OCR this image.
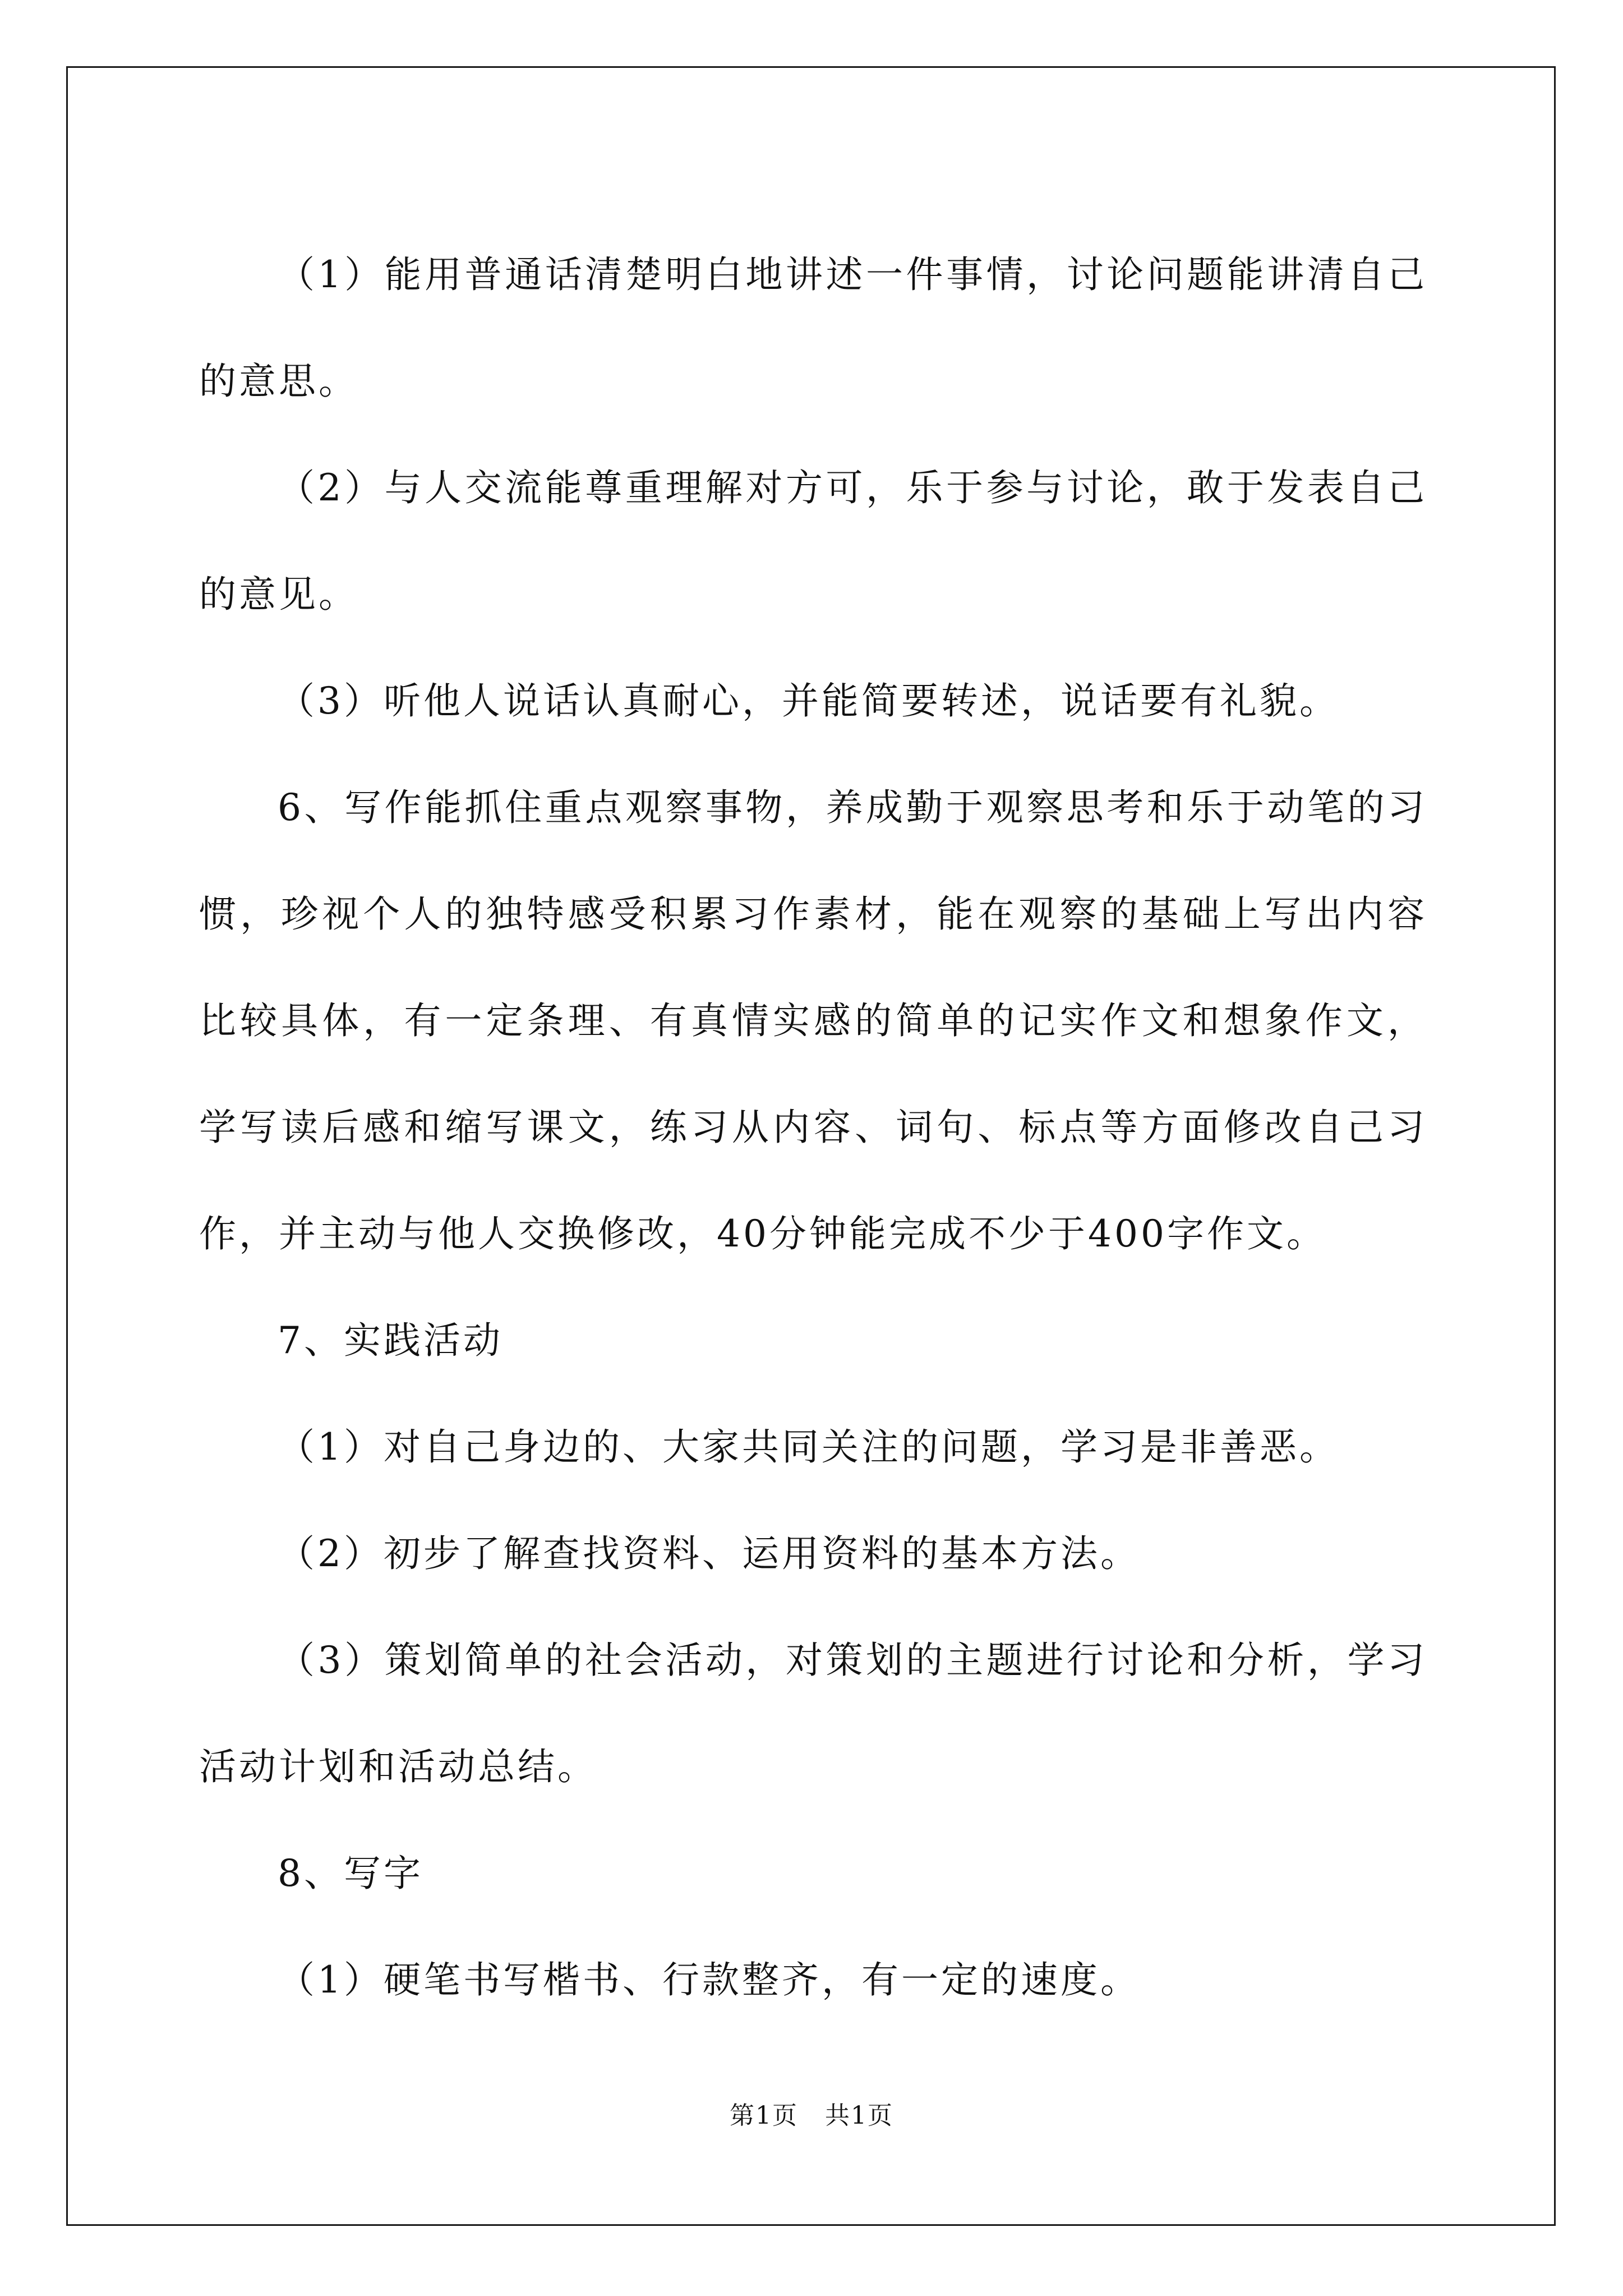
（1）能用普通话清楚明白地讲述一件事情，讨论问题能讲清自己的意思。

（2）与人交流能尊重理解对方可，乐于参与讨论，敢于发表自己的意见。

（3）听他人说话认真耐心，并能简要转述，说话要有礼貌。

6、写作能抓住重点观察事物，养成勤于观察思考和乐于动笔的习惯，珍视个人的独特感受积累习作素材，能在观察的基础上写出内容比较具体，有一定条理、有真情实感的简单的记实作文和想象作文，学写读后感和缩写课文，练习从内容、词句、标点等方面修改自己习作，并主动与他人交换修改，40分钟能完成不少于400字作文。

7、实践活动

（1）对自己身边的、大家共同关注的问题，学习是非善恶。

（2）初步了解查找资料、运用资料的基本方法。

（3）策划简单的社会活动，对策划的主题进行讨论和分析，学习活动计划和活动总结。

8、写字

（1）硬笔书写楷书、行款整齐，有一定的速度。

第1页 共1页
